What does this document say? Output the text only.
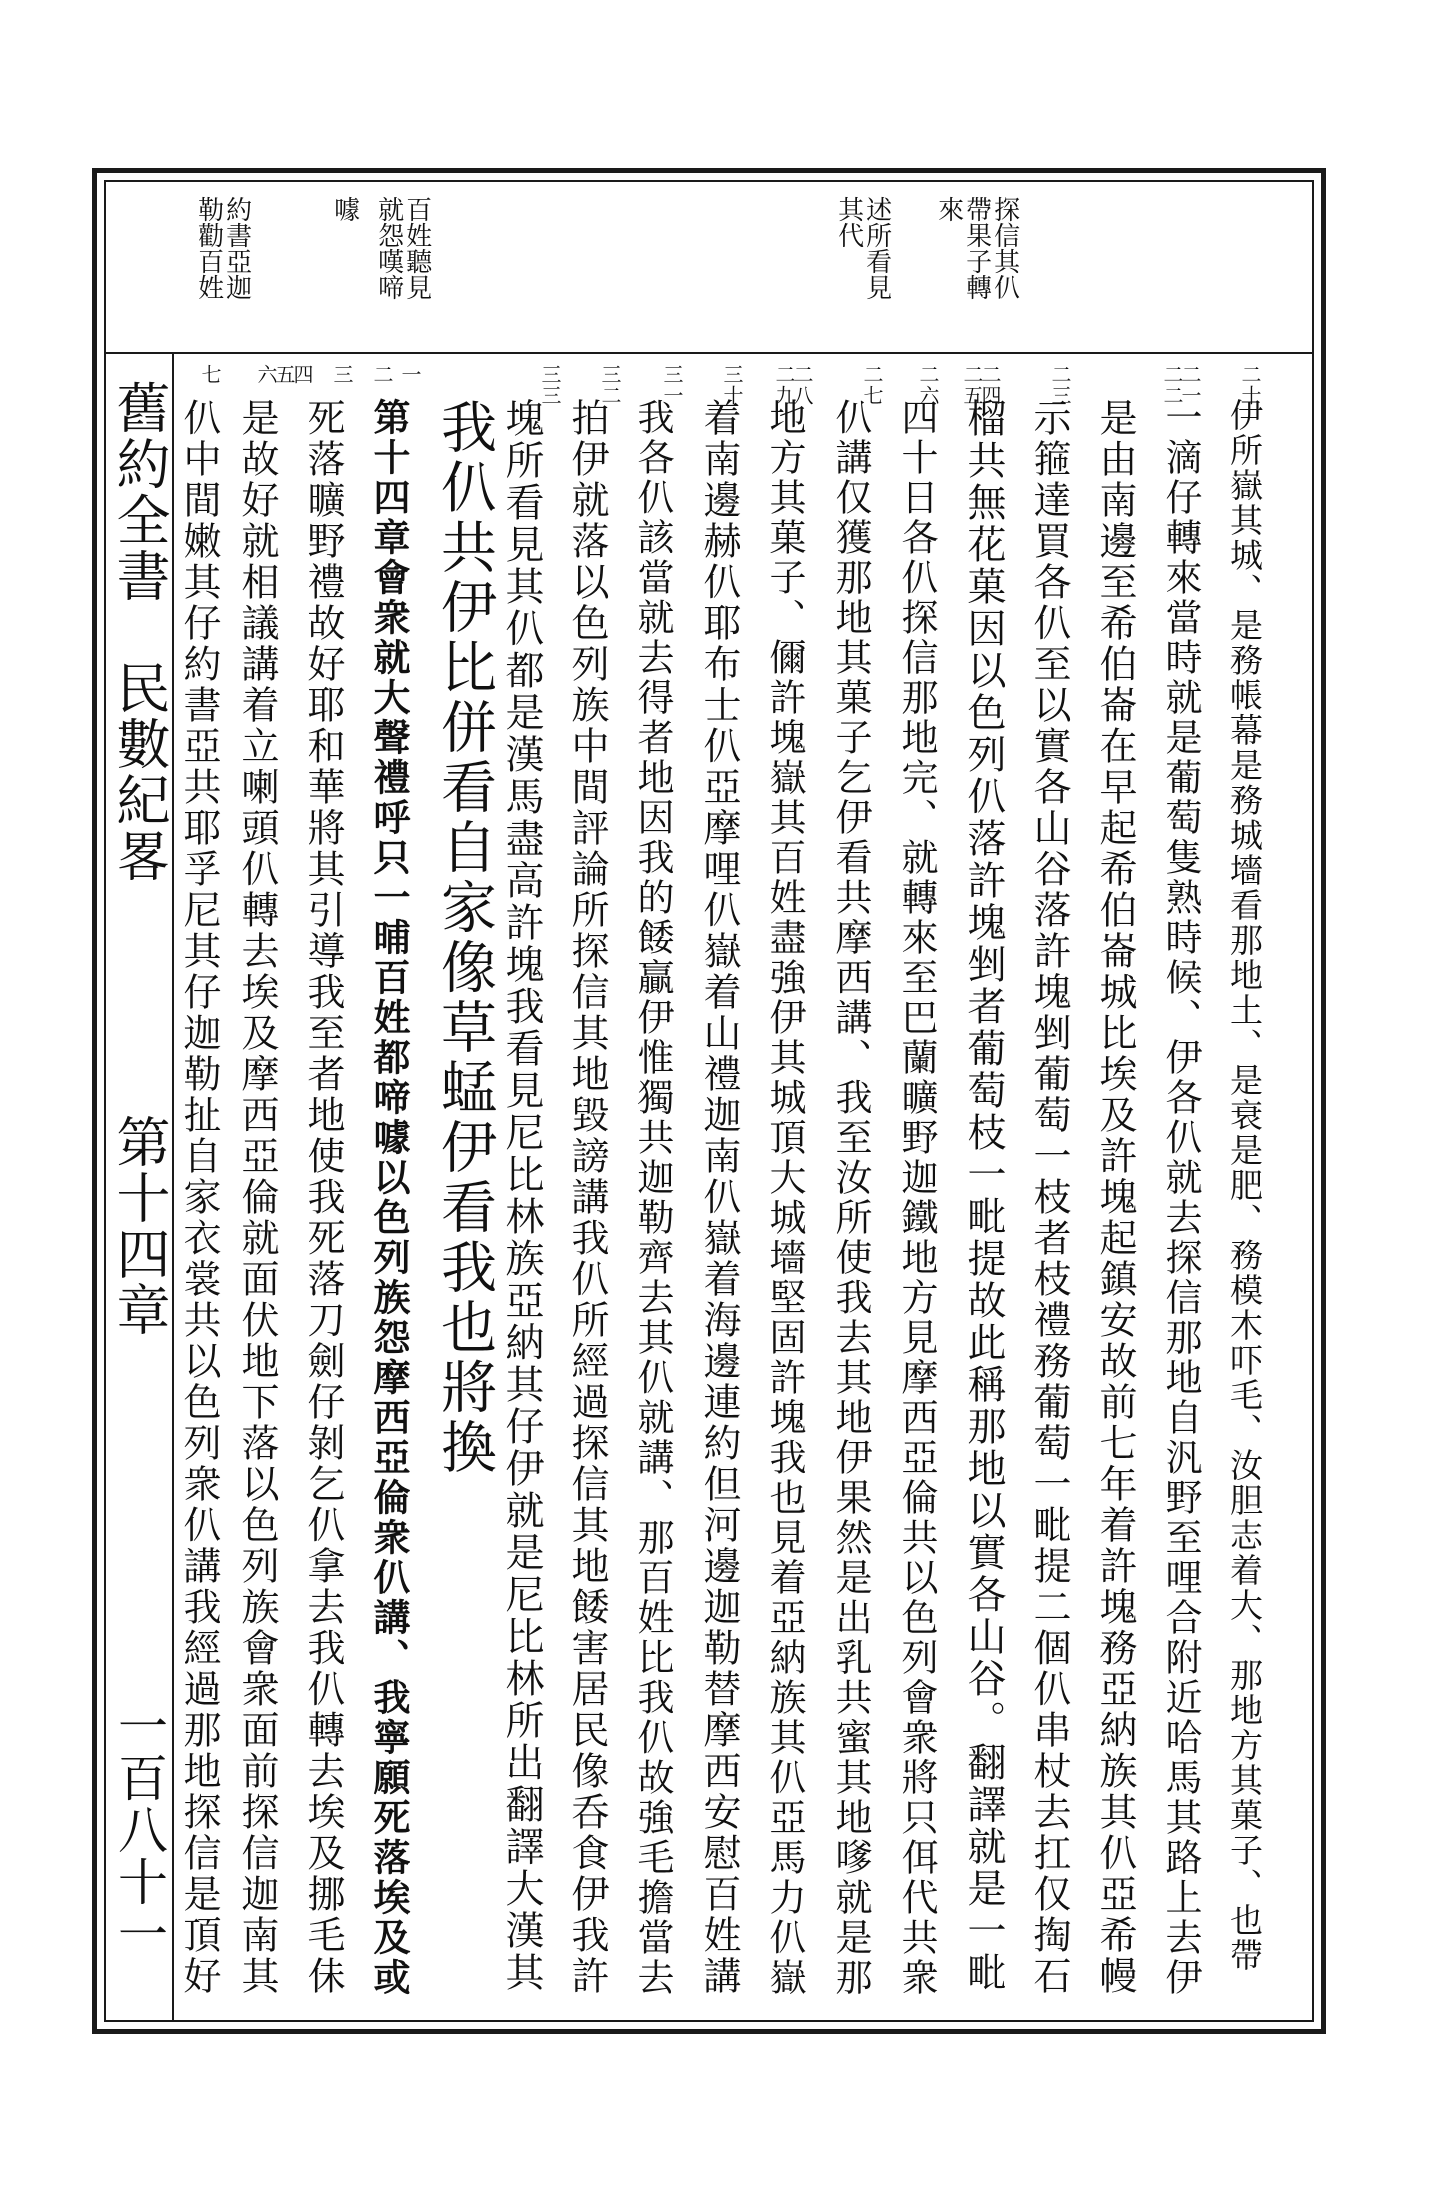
舊約全書　民數紀畧
第十四章
一百八十一
探信其仈
帶果子轉
來
述所看見
其代
百姓聽見
就怨嘆啼
噱
約書亞迦
勒勸百姓
二十
二一
二二
二三
二四
二五
二六
二七
二八
二九
三十
三一
三二
三三
一
二
三
四
五
六
七
伊所嶽其城、是務帳幕是務城墻看那地土、是衰是肥、務模木吓毛、汝胆志着大、那地方其菓子、也帶
一滴仔轉來當時就是葡萄隻熟時候、伊各仈就去探信那地自汎野至哩合附近哈馬其路上去伊
是由南邊至希伯崙在早起希伯崙城比埃及許塊起鎮安故前七年着許塊務亞納族其仈亞希幔
示箍達買各仈至以實各山谷落許塊剉葡萄一枝者枝禮務葡萄一毗提二個仈串杖去扛仅掏石
榴共無花菓因以色列仈落許塊剉者葡萄枝一毗提故此稱那地以實各山谷。翻譯就是一毗
四十日各仈探信那地完、就轉來至巴蘭曠野迦鐵地方見摩西亞倫共以色列會衆將只佴代共衆
仈講仅獲那地其菓子乞伊看共摩西講、我至汝所使我去其地伊果然是出乳共蜜其地嗲就是那
地方其菓子、儞許塊嶽其百姓盡強伊其城頂大城墻堅固許塊我也見着亞納族其仈亞馬力仈嶽
着南邊赫仈耶布士仈亞摩哩仈嶽着山禮迦南仈嶽着海邊連約但河邊迦勒替摩西安慰百姓講
我各仈該當就去得者地因我的餧贏伊惟獨共迦勒齊去其仈就講、那百姓比我仈故強毛擔當去
拍伊就落以色列族中間評論所探信其地毀謗講我仈所經過探信其地餧害居民像呑食伊我許
塊所看見其仈都是漢馬盡高許塊我看見尼比林族亞納其仔伊就是尼比林所出翻譯大漢其
我仈共伊比併看自家像草蜢伊看我也將換
第十四章會衆就大聲禮呼只一晡百姓都啼噱以色列族怨摩西亞倫衆仈講、我寧願死落埃及或
死落曠野禮故好耶和華將其引導我至者地使我死落刀劍仔剝乞仈拿去我仈轉去埃及挪毛佅
是故好就相議講着立喇頭仈轉去埃及摩西亞倫就面伏地下落以色列族會衆面前探信迦南其
仈中間嫩其仔約書亞共耶孚尼其仔迦勒扯自家衣裳共以色列衆仈講我經過那地探信是頂好
